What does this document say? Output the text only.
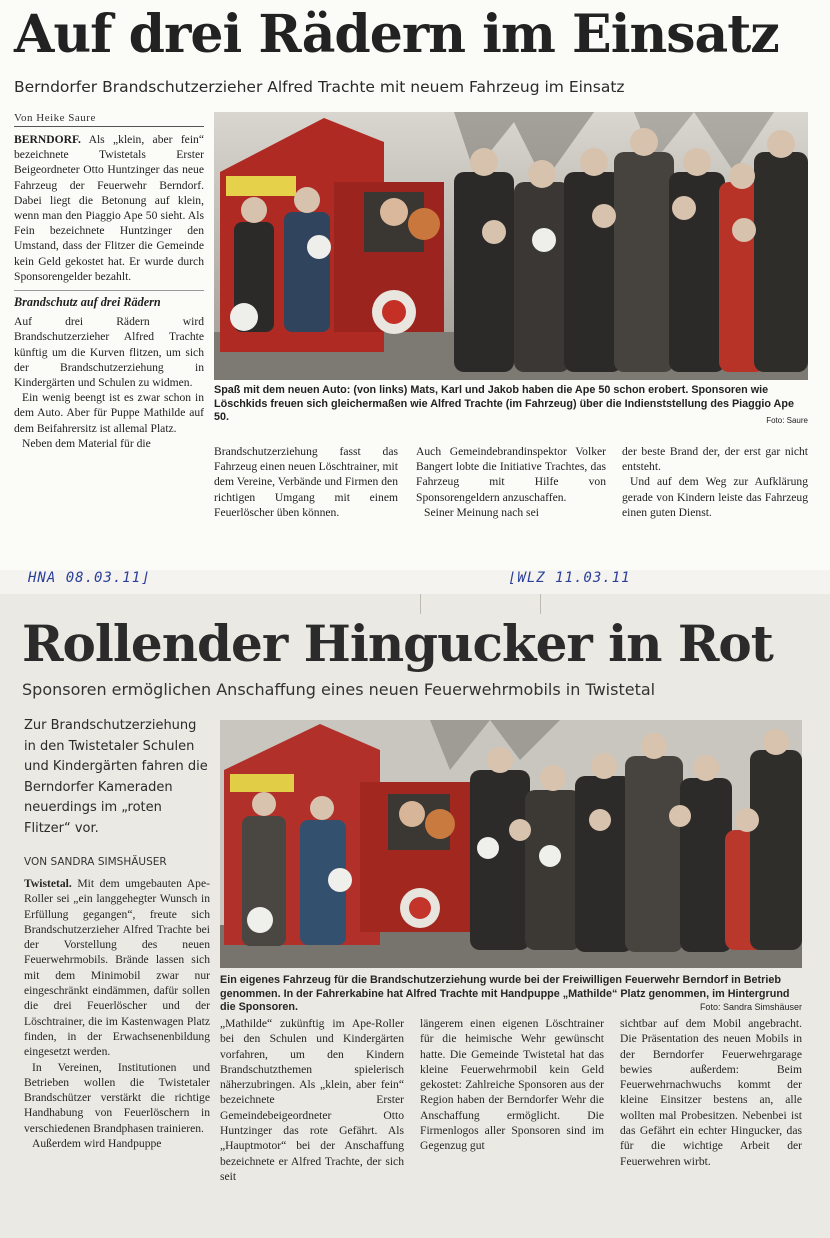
Auf drei Rädern im Einsatz
Berndorfer Brandschutzerzieher Alfred Trachte mit neuem Fahrzeug im Einsatz
Von Heike Saure

BERNDORF. Als „klein, aber fein“ bezeichnete Twistetals Erster Beigeordneter Otto Huntzinger das neue Fahrzeug der Feuerwehr Berndorf. Dabei liegt die Betonung auf klein, wenn man den Piaggio Ape 50 sieht. Als Fein bezeichnete Huntzinger den Umstand, dass der Flitzer die Gemeinde kein Geld gekostet hat. Er wurde durch Sponsorengelder bezahlt.

Brandschutz auf drei Rädern

Auf drei Rädern wird Brandschutzerzieher Alfred Trachte künftig um die Kurven flitzen, um sich der Brandschutzerziehung in Kindergärten und Schulen zu widmen.

Ein wenig beengt ist es zwar schon in dem Auto. Aber für Puppe Mathilde auf dem Beifahrersitz ist allemal Platz.

Neben dem Material für die

Spaß mit dem neuen Auto: (von links) Mats, Karl und Jakob haben die Ape 50 schon erobert. Sponsoren wie Löschkids freuen sich gleichermaßen wie Alfred Trachte (im Fahrzeug) über die Indienststellung des Piaggio Ape 50.	Foto: Saure

Brandschutzerziehung fasst das Fahrzeug einen neuen Löschtrainer, mit dem Vereine, Verbände und Firmen den richtigen Umgang mit einem Feuerlöscher üben können.

Auch Gemeindebrandinspektor Volker Bangert lobte die Initiative Trachtes, das Fahrzeug mit Hilfe von Sponsorengeldern anzuschaffen.

Seiner Meinung nach sei

der beste Brand der, der erst gar nicht entsteht.

Und auf dem Weg zur Aufklärung gerade von Kindern leiste das Fahrzeug einen guten Dienst.

HNA 08.03.11⌋	⌊WLZ 11.03.11
Rollender Hingucker in Rot
Sponsoren ermöglichen Anschaffung eines neuen Feuerwehrmobils in Twistetal
Zur Brandschutzerziehung in den Twistetaler Schulen und Kindergärten fahren die Berndorfer Kameraden neuerdings im „roten Flitzer“ vor.
VON SANDRA SIMSHÄUSER

Twistetal. Mit dem umgebauten Ape-Roller sei „ein langgehegter Wunsch in Erfüllung gegangen“, freute sich Brandschutzerzieher Alfred Trachte bei der Vorstellung des neuen Feuerwehrmobils. Brände lassen sich mit dem Minimobil zwar nur eingeschränkt eindämmen, dafür sollen die drei Feuerlöscher und der Löschtrainer, die im Kastenwagen Platz finden, in der Erwachsenenbildung eingesetzt werden.

In Vereinen, Institutionen und Betrieben wollen die Twistetaler Brandschützer verstärkt die richtige Handhabung von Feuerlöschern in verschiedenen Brandphasen trainieren.

Außerdem wird Handpuppe

Ein eigenes Fahrzeug für die Brandschutzerziehung wurde bei der Freiwilligen Feuerwehr Berndorf in Betrieb genommen. In der Fahrerkabine hat Alfred Trachte mit Handpuppe „Mathilde“ Platz genommen, im Hintergrund die Sponsoren.	Foto: Sandra Simshäuser

„Mathilde“ zukünftig im Ape-Roller bei den Schulen und Kindergärten vorfahren, um den Kindern Brandschutzthemen spielerisch näherzubringen. Als „klein, aber fein“ bezeichnete Erster Gemeindebeigeordneter Otto Huntzinger das rote Gefährt. Als „Hauptmotor“ bei der Anschaffung bezeichnete er Alfred Trachte, der sich seit

längerem einen eigenen Löschtrainer für die heimische Wehr gewünscht hatte. Die Gemeinde Twistetal hat das kleine Feuerwehrmobil kein Geld gekostet: Zahlreiche Sponsoren aus der Region haben der Berndorfer Wehr die Anschaffung ermöglicht. Die Firmenlogos aller Sponsoren sind im Gegenzug gut

sichtbar auf dem Mobil angebracht. Die Präsentation des neuen Mobils in der Berndorfer Feuerwehrgarage bewies außerdem: Beim Feuerwehrnachwuchs kommt der kleine Einsitzer bestens an, alle wollten mal Probesitzen. Nebenbei ist das Gefährt ein echter Hingucker, das für die wichtige Arbeit der Feuerwehren wirbt.
